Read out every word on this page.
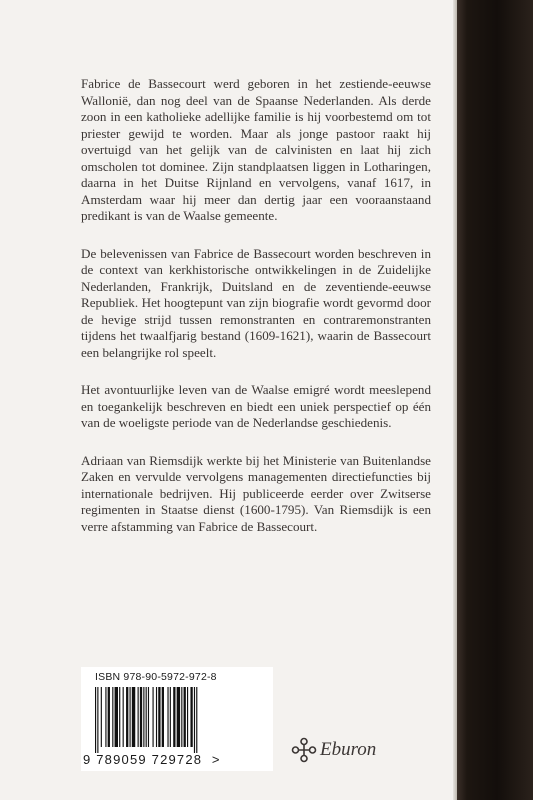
Fabrice de Bassecourt werd geboren in het zestiende-eeuwse Wallonië, dan nog deel van de Spaanse Nederlanden. Als derde zoon in een katholieke adellijke familie is hij voorbestemd om tot priester gewijd te worden. Maar als jonge pastoor raakt hij overtuigd van het gelijk van de calvinisten en laat hij zich omscholen tot dominee. Zijn standplaatsen liggen in Lotharingen, daarna in het Duitse Rijnland en vervolgens, vanaf 1617, in Amsterdam waar hij meer dan dertig jaar een vooraanstaand predikant is van de Waalse gemeente.

De belevenissen van Fabrice de Bassecourt worden beschreven in de context van kerkhistorische ontwikkelingen in de Zuidelijke Nederlanden, Frankrijk, Duitsland en de zeventiende-eeuwse Republiek. Het hoogtepunt van zijn biografie wordt gevormd door de hevige strijd tussen remonstranten en contraremonstranten tijdens het twaalfjarig bestand (1609-1621), waarin de Bassecourt een belangrijke rol speelt.

Het avontuurlijke leven van de Waalse emigré wordt meeslepend en toegankelijk beschreven en biedt een uniek perspectief op één van de woeligste periode van de Nederlandse geschiedenis.

Adriaan van Riemsdijk werkte bij het Ministerie van Buitenlandse Zaken en vervulde vervolgens managementen directiefuncties bij internationale bedrijven. Hij publiceerde eerder over Zwitserse regimenten in Staatse dienst (1600-1795). Van Riemsdijk is een verre afstamming van Fabrice de Bassecourt.

ISBN 978-90-5972-972-8
9 789059 729728  >	Eburon
